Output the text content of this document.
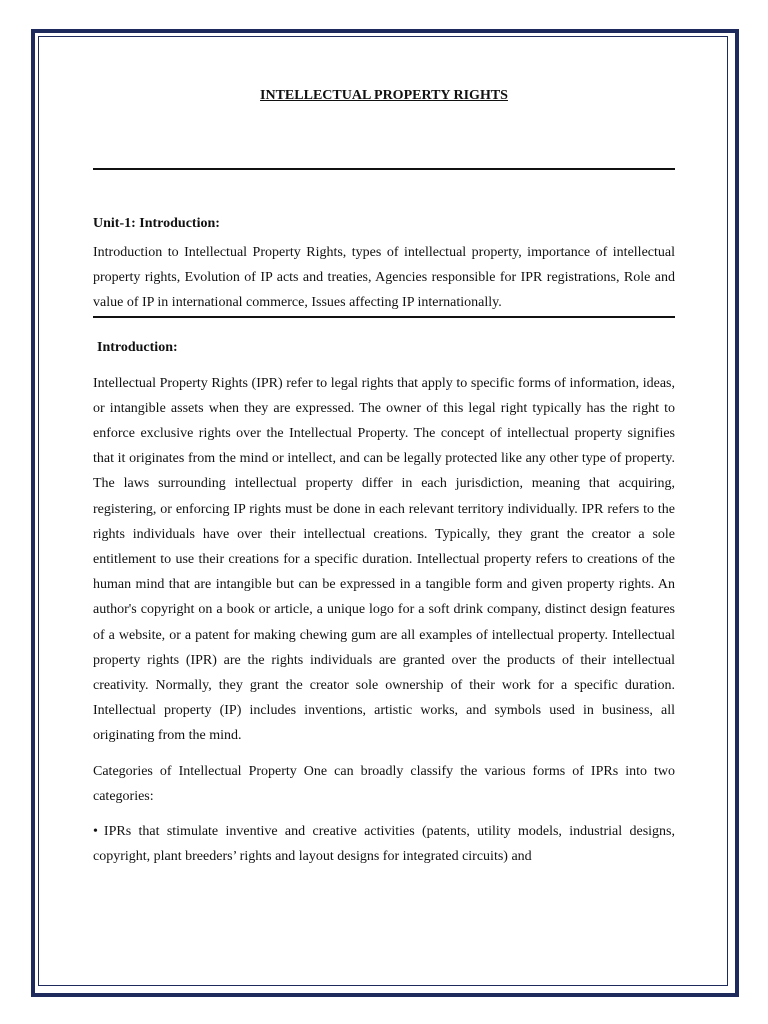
INTELLECTUAL PROPERTY RIGHTS
Unit-1: Introduction:

Introduction to Intellectual Property Rights, types of intellectual property, importance of intellectual property rights, Evolution of IP acts and treaties, Agencies responsible for IPR registrations, Role and value of IP in international commerce, Issues affecting IP internationally.

Introduction:

Intellectual Property Rights (IPR) refer to legal rights that apply to specific forms of information, ideas, or intangible assets when they are expressed. The owner of this legal right typically has the right to enforce exclusive rights over the Intellectual Property. The concept of intellectual property signifies that it originates from the mind or intellect, and can be legally protected like any other type of property. The laws surrounding intellectual property differ in each jurisdiction, meaning that acquiring, registering, or enforcing IP rights must be done in each relevant territory individually. IPR refers to the rights individuals have over their intellectual creations. Typically, they grant the creator a sole entitlement to use their creations for a specific duration. Intellectual property refers to creations of the human mind that are intangible but can be expressed in a tangible form and given property rights. An author's copyright on a book or article, a unique logo for a soft drink company, distinct design features of a website, or a patent for making chewing gum are all examples of intellectual property. Intellectual property rights (IPR) are the rights individuals are granted over the products of their intellectual creativity. Normally, they grant the creator sole ownership of their work for a specific duration. Intellectual property (IP) includes inventions, artistic works, and symbols used in business, all originating from the mind.

Categories of Intellectual Property One can broadly classify the various forms of IPRs into two categories:

• IPRs that stimulate inventive and creative activities (patents, utility models, industrial designs, copyright, plant breeders’ rights and layout designs for integrated circuits) and
